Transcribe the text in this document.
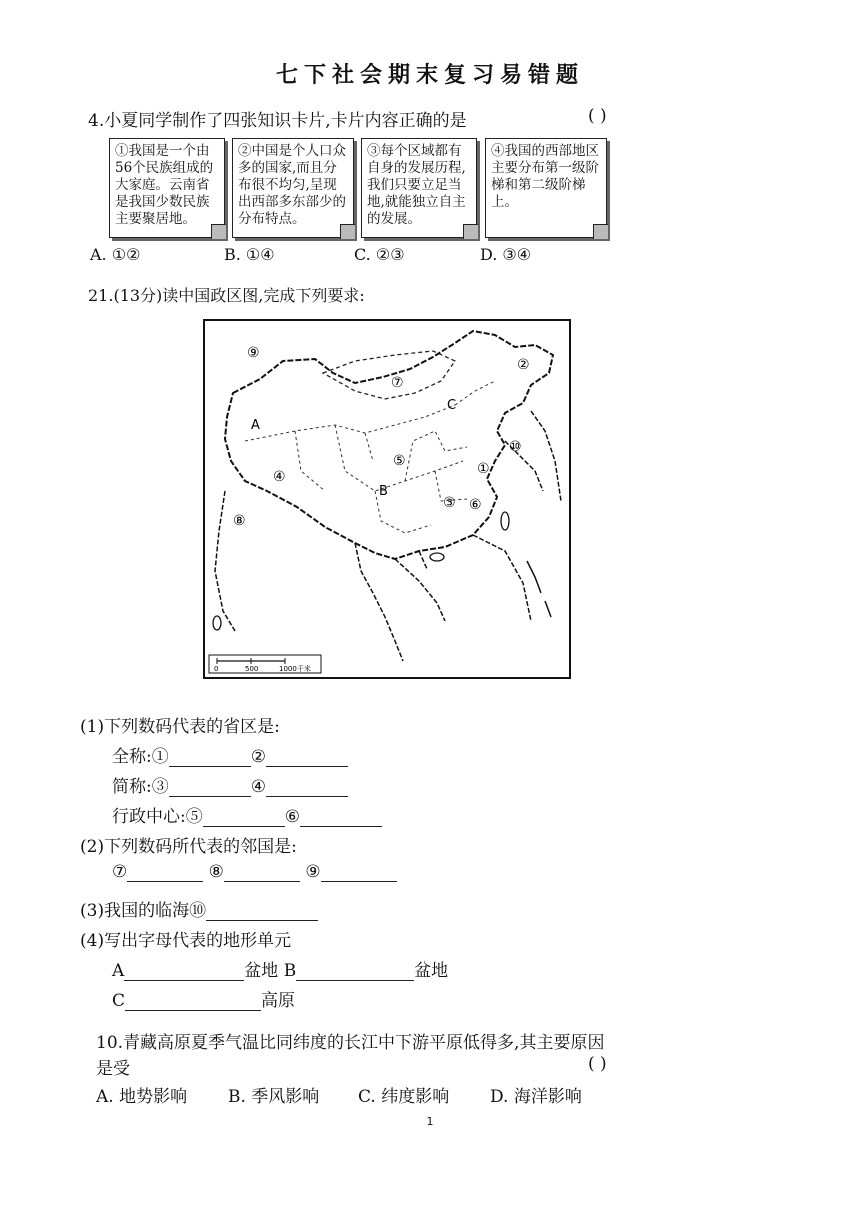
七下社会期末复习易错题
4.小夏同学制作了四张知识卡片,卡片内容正确的是	( )
①我国是一个由56个民族组成的大家庭。云南省是我国少数民族主要聚居地。
②中国是个人口众多的国家,而且分布很不均匀,呈现出西部多东部少的分布特点。
③每个区域都有自身的发展历程,我们只要立足当地,就能独立自主的发展。
④我国的西部地区主要分布第一级阶梯和第二级阶梯上。
A. ①②	B. ①④	C. ②③	D. ③④
21.(13分)读中国政区图,完成下列要求:
⑨
⑦
②
C
A
⑩
⑤	①
④
B
③ ⑥
⑧
0	500	1000千米
(1)下列数码代表的省区是:
全称:①	②
简称:③	④
行政中心:⑤	⑥
(2)下列数码所代表的邻国是:
⑦	⑧	⑨
(3)我国的临海⑩
(4)写出字母代表的地形单元
A	盆地 B	盆地
C	高原
10.青藏高原夏季气温比同纬度的长江中下游平原低得多,其主要原因
是受	( )
A. 地势影响 B. 季风影响 C. 纬度影响 D. 海洋影响
1
